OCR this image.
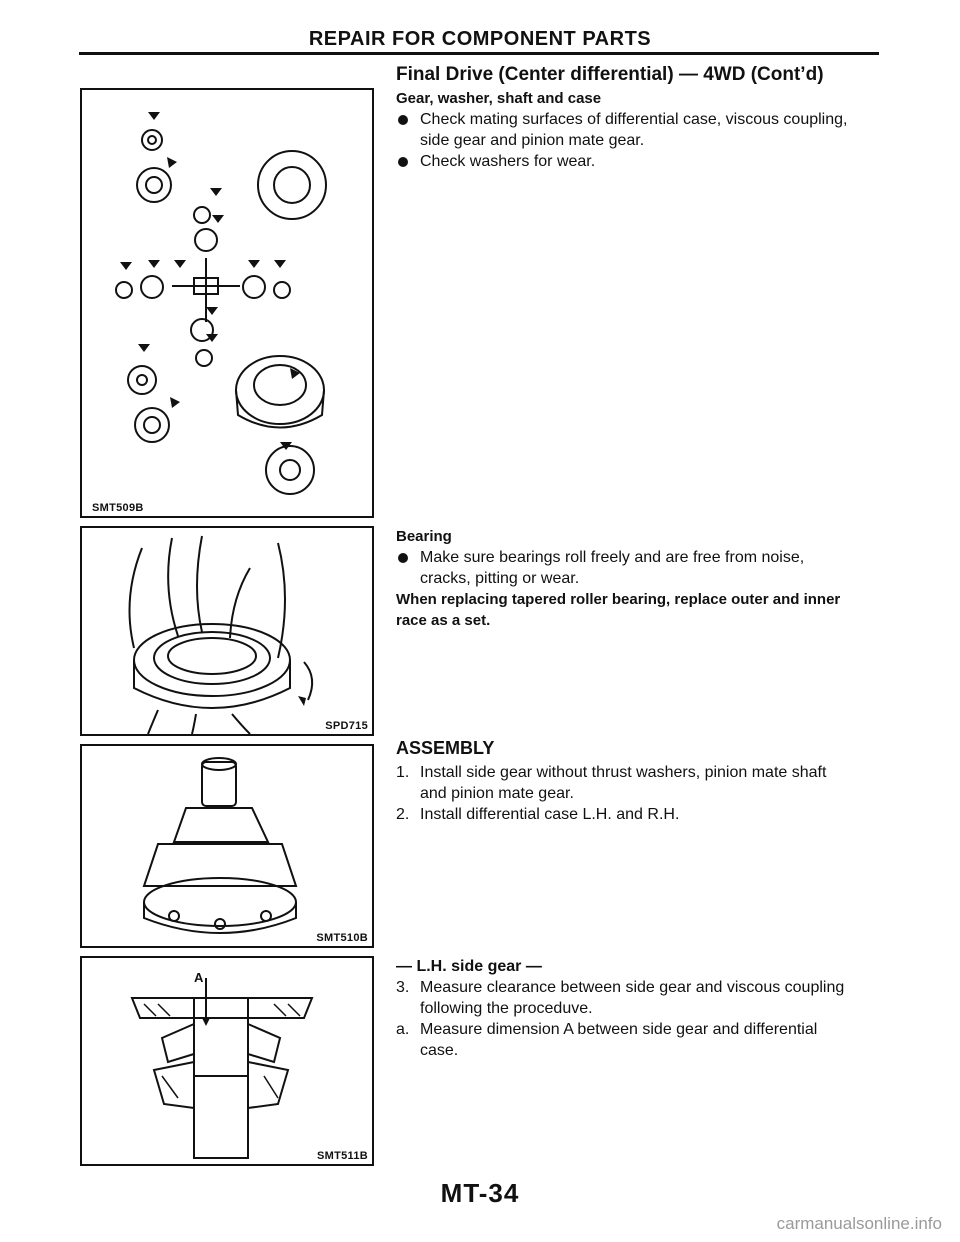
REPAIR FOR COMPONENT PARTS
SMT509B
SPD715
SMT510B
A
SMT511B
Final Drive (Center differential) — 4WD (Cont’d)
Gear, washer, shaft and case
Check mating surfaces of differential case, viscous coupling,
side gear and pinion mate gear.
Check washers for wear.
Bearing
Make sure bearings roll freely and are free from noise,
cracks, pitting or wear.
When replacing tapered roller bearing, replace outer and inner
race as a set.
ASSEMBLY
1. Install side gear without thrust washers, pinion mate shaft
and pinion mate gear.
2. Install differential case L.H. and R.H.
— L.H. side gear —
3. Measure clearance between side gear and viscous coupling
following the proceduve.
a. Measure dimension A between side gear and differential
case.
MT-34
carmanualsonline.info
